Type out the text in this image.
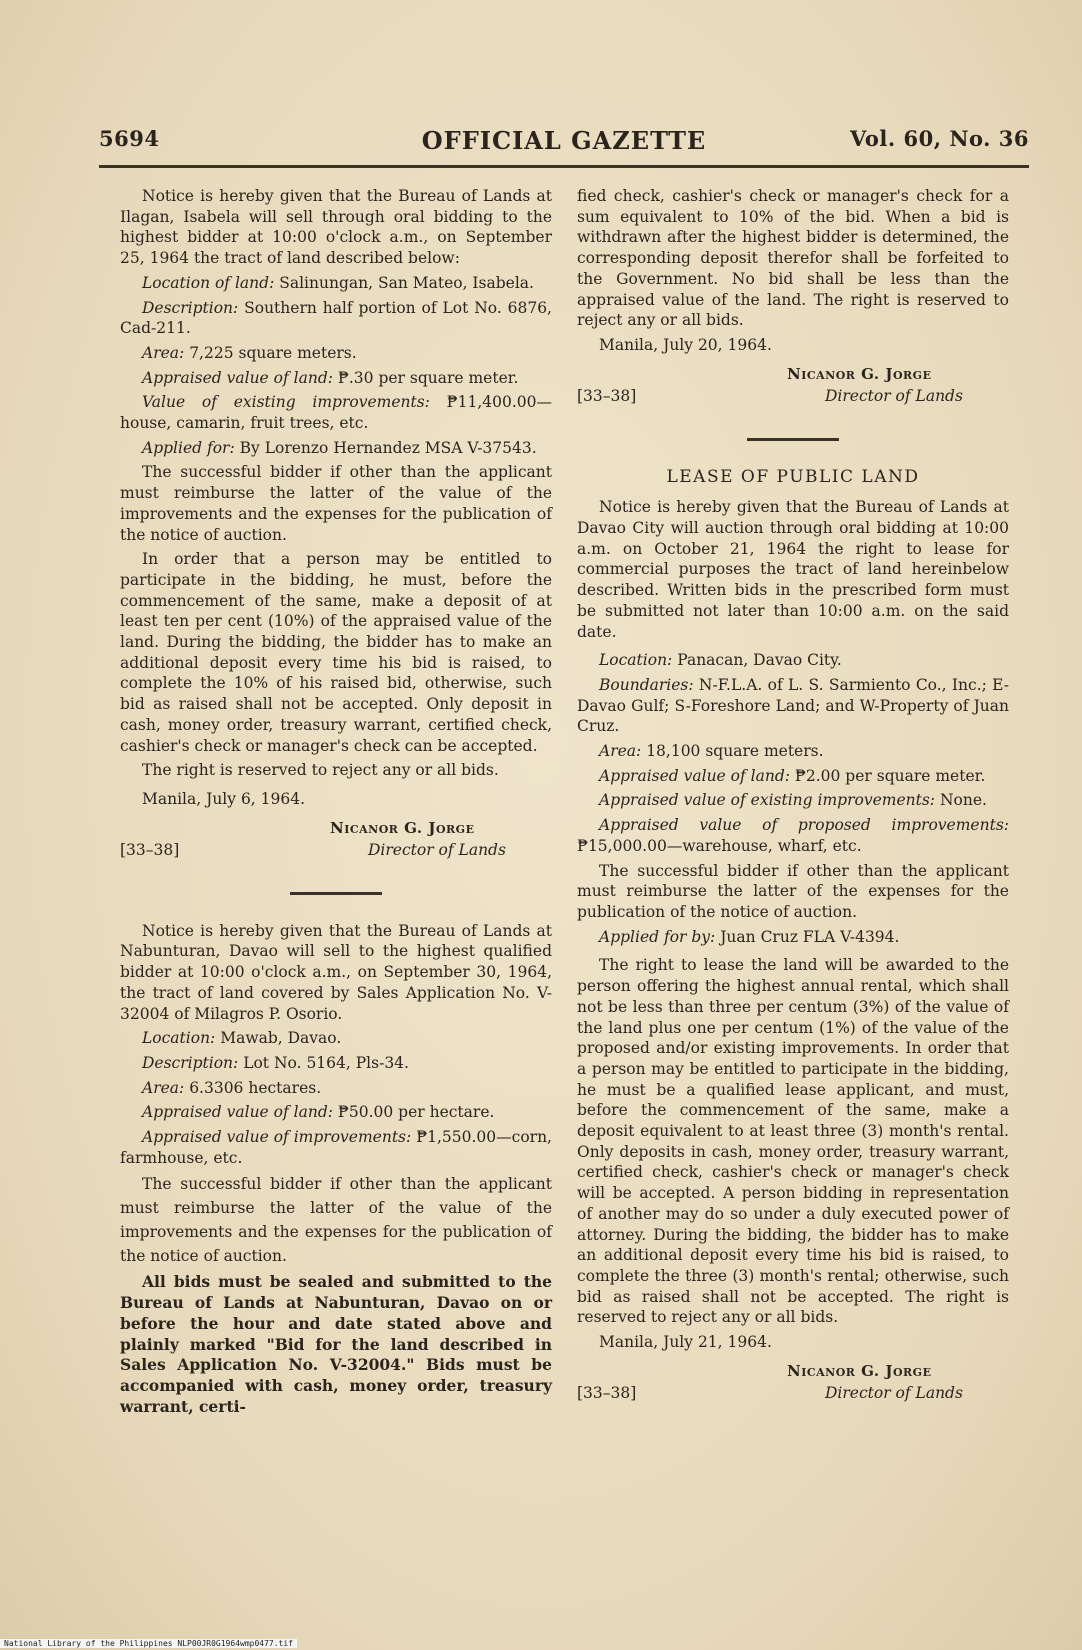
5694	OFFICIAL GAZETTE	Vol. 60, No. 36

Notice is hereby given that the Bureau of Lands at Ilagan, Isabela will sell through oral bidding to the highest bidder at 10:00 o'clock a.m., on September 25, 1964 the tract of land described below:

Location of land: Salinungan, San Mateo, Isabela.

Description: Southern half portion of Lot No. 6876, Cad-211.

Area: 7,225 square meters.

Appraised value of land: ₱.30 per square meter.

Value of existing improvements: ₱11,400.00—house, camarin, fruit trees, etc.

Applied for: By Lorenzo Hernandez MSA V-37543.

The successful bidder if other than the applicant must reimburse the latter of the value of the improvements and the expenses for the publication of the notice of auction.

In order that a person may be entitled to participate in the bidding, he must, before the commencement of the same, make a deposit of at least ten per cent (10%) of the appraised value of the land. During the bidding, the bidder has to make an additional deposit every time his bid is raised, to complete the 10% of his raised bid, otherwise, such bid as raised shall not be accepted. Only deposit in cash, money order, treasury warrant, certified check, cashier's check or manager's check can be accepted.

The right is reserved to reject any or all bids.

Manila, July 6, 1964.

Nicanor G. Jorge
[33–38]	Director of Lands

Notice is hereby given that the Bureau of Lands at Nabunturan, Davao will sell to the highest qualified bidder at 10:00 o'clock a.m., on September 30, 1964, the tract of land covered by Sales Application No. V-32004 of Milagros P. Osorio.

Location: Mawab, Davao.

Description: Lot No. 5164, Pls-34.

Area: 6.3306 hectares.

Appraised value of land: ₱50.00 per hectare.

Appraised value of improvements: ₱1,550.00—corn, farmhouse, etc.

The successful bidder if other than the applicant must reimburse the latter of the value of the improvements and the expenses for the publication of the notice of auction.

All bids must be sealed and submitted to the Bureau of Lands at Nabunturan, Davao on or before the hour and date stated above and plainly marked "Bid for the land described in Sales Application No. V-32004." Bids must be accompanied with cash, money order, treasury warrant, certi-

fied check, cashier's check or manager's check for a sum equivalent to 10% of the bid. When a bid is withdrawn after the highest bidder is determined, the corresponding deposit therefor shall be forfeited to the Government. No bid shall be less than the appraised value of the land. The right is reserved to reject any or all bids.

Manila, July 20, 1964.

Nicanor G. Jorge
[33–38]	Director of Lands
LEASE OF PUBLIC LAND

Notice is hereby given that the Bureau of Lands at Davao City will auction through oral bidding at 10:00 a.m. on October 21, 1964 the right to lease for commercial purposes the tract of land hereinbelow described. Written bids in the prescribed form must be submitted not later than 10:00 a.m. on the said date.

Location: Panacan, Davao City.

Boundaries: N-F.L.A. of L. S. Sarmiento Co., Inc.; E-Davao Gulf; S-Foreshore Land; and W-Property of Juan Cruz.

Area: 18,100 square meters.

Appraised value of land: ₱2.00 per square meter.

Appraised value of existing improvements: None.

Appraised value of proposed improvements: ₱15,000.00—warehouse, wharf, etc.

The successful bidder if other than the applicant must reimburse the latter of the expenses for the publication of the notice of auction.

Applied for by: Juan Cruz FLA V-4394.

The right to lease the land will be awarded to the person offering the highest annual rental, which shall not be less than three per centum (3%) of the value of the land plus one per centum (1%) of the value of the proposed and/or existing improvements. In order that a person may be entitled to participate in the bidding, he must be a qualified lease applicant, and must, before the commencement of the same, make a deposit equivalent to at least three (3) month's rental. Only deposits in cash, money order, treasury warrant, certified check, cashier's check or manager's check will be accepted. A person bidding in representation of another may do so under a duly executed power of attorney. During the bidding, the bidder has to make an additional deposit every time his bid is raised, to complete the three (3) month's rental; otherwise, such bid as raised shall not be accepted. The right is reserved to reject any or all bids.

Manila, July 21, 1964.

Nicanor G. Jorge
[33–38]	Director of Lands
National Library of the Philippines NLP00JR0G1964wmp0477.tif
